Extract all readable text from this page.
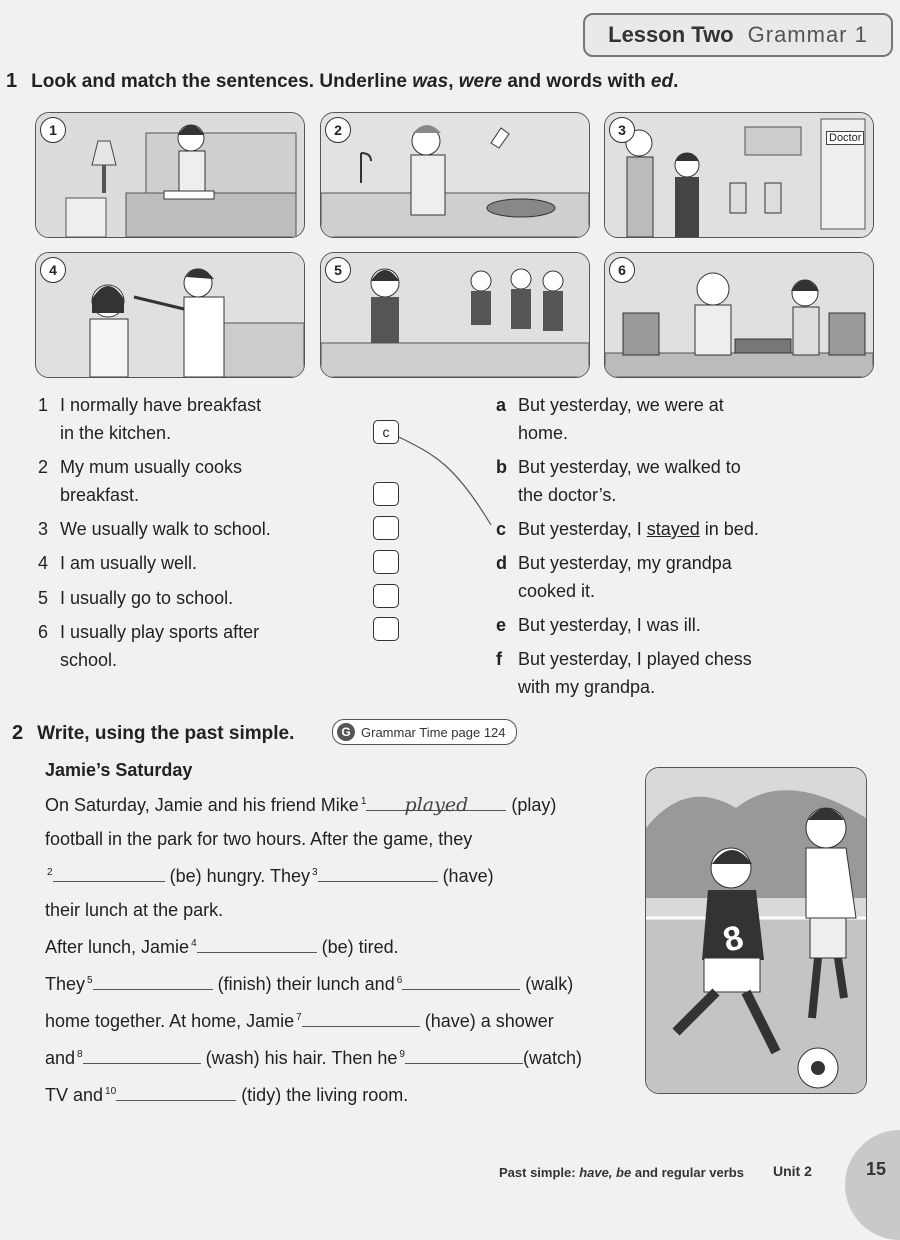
Lesson Two Grammar 1
1 Look and match the sentences. Underline was, were and words with ed.
1	2	3	Doctor
4	5	6
1 I normally have breakfast
in the kitchen.
2 My mum usually cooks
breakfast.
3 We usually walk to school.
4 I am usually well.
5 I usually go to school.
6 I usually play sports after
school.
c
a But yesterday, we were at
home.
b But yesterday, we walked to
the doctor’s.
c But yesterday, I stayed in bed.
d But yesterday, my grandpa
cooked it.
e But yesterday, I was ill.
f But yesterday, I played chess
with my grandpa.
2 Write, using the past simple.	G Grammar Time page 124
Jamie’s Saturday
On Saturday, Jamie and his friend Mike $^1$ played (play)
football in the park for two hours. After the game, they
$^2$	(be) hungry. They $^3$	(have)
their lunch at the park.
After lunch, Jamie $^4$	(be) tired.
They $^5$	(finish) their lunch and $^6$	(walk)
home together. At home, Jamie $^7$	(have) a shower
and $^8$	(wash) his hair. Then he $^9$	(watch)
TV and $^{10}$	(tidy) the living room.
8
Past simple: have, be and regular verbs Unit 2	15
